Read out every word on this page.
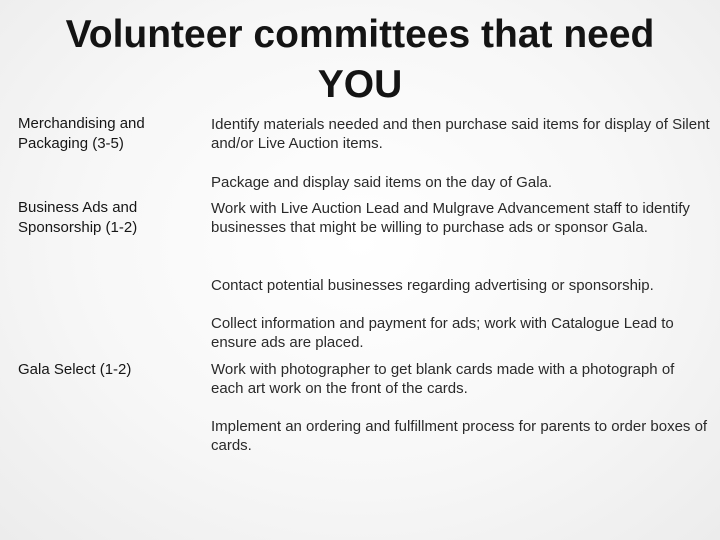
Volunteer committees that need YOU
Merchandising and Packaging (3-5)
Identify materials needed and then purchase said items for display of Silent and/or Live Auction items.
Package and display said items on the day of Gala.
Business Ads and Sponsorship (1-2)
Work with Live Auction Lead and Mulgrave Advancement staff to identify businesses that might be willing to purchase ads or sponsor Gala.
Contact potential businesses regarding advertising or sponsorship.
Collect information and payment for ads; work with Catalogue Lead to ensure ads are placed.
Gala Select (1-2)	Work with photographer to get blank cards made with a photograph of each art work on the front of the cards.
Implement an ordering and fulfillment process for parents to order boxes of cards.
